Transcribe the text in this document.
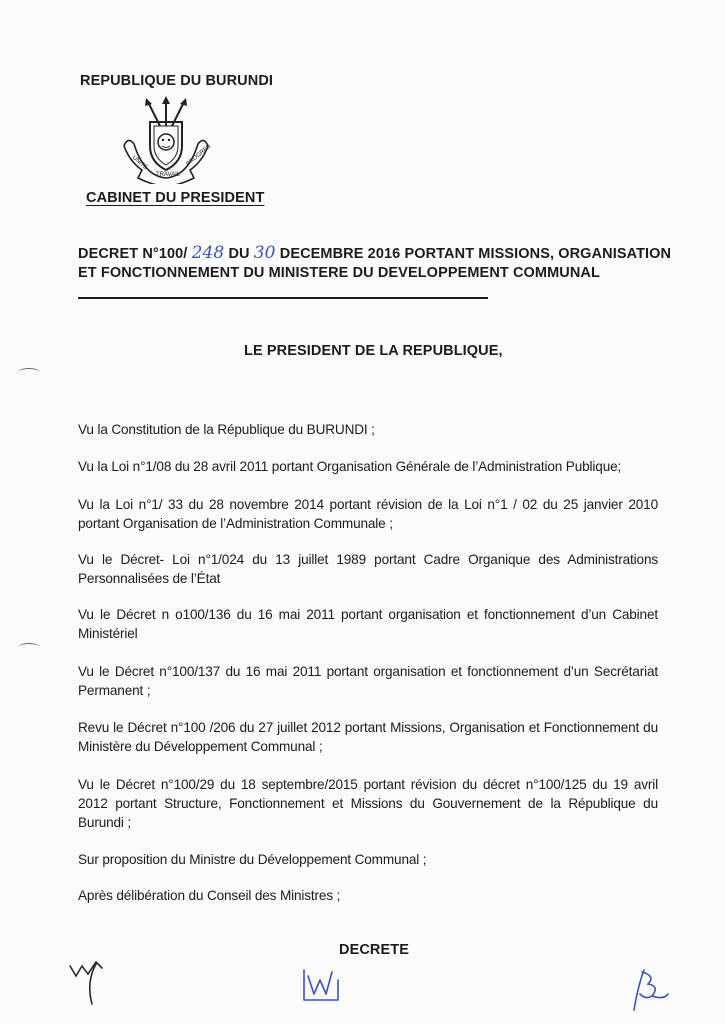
REPUBLIQUE DU BURUNDI
UNITE
TRAVAIL
PROGRES
CABINET DU PRESIDENT
DECRET N°100/ 248 DU 30 DECEMBRE 2016 PORTANT MISSIONS, ORGANISATION
ET FONCTIONNEMENT DU MINISTERE DU DEVELOPPEMENT COMMUNAL
LE PRESIDENT DE LA REPUBLIQUE,
Vu la Constitution de la République du BURUNDI ;
Vu la Loi n°1/08 du 28 avril 2011 portant Organisation Générale de l’Administration Publique;
Vu la Loi n°1/ 33 du 28 novembre 2014 portant révision de la Loi n°1 / 02 du 25 janvier 2010 portant Organisation de l’Administration Communale ;
Vu le Décret- Loi n°1/024 du 13 juillet 1989 portant Cadre Organique des Administrations Personnalisées de l’État
Vu le Décret n o100/136 du 16 mai 2011 portant organisation et fonctionnement d’un Cabinet Ministériel
Vu le Décret n°100/137 du 16 mai 2011 portant organisation et fonctionnement d’un Secrétariat Permanent ;
Revu le Décret n°100 /206 du 27 juillet 2012 portant Missions, Organisation et Fonctionnement du Ministère du Développement Communal ;
Vu le Décret n°100/29 du 18 septembre/2015 portant révision du décret n°100/125 du 19 avril 2012 portant Structure, Fonctionnement et Missions du Gouvernement de la République du Burundi ;
Sur proposition du Ministre du Développement Communal ;
Après délibération du Conseil des Ministres ;
DECRETE
